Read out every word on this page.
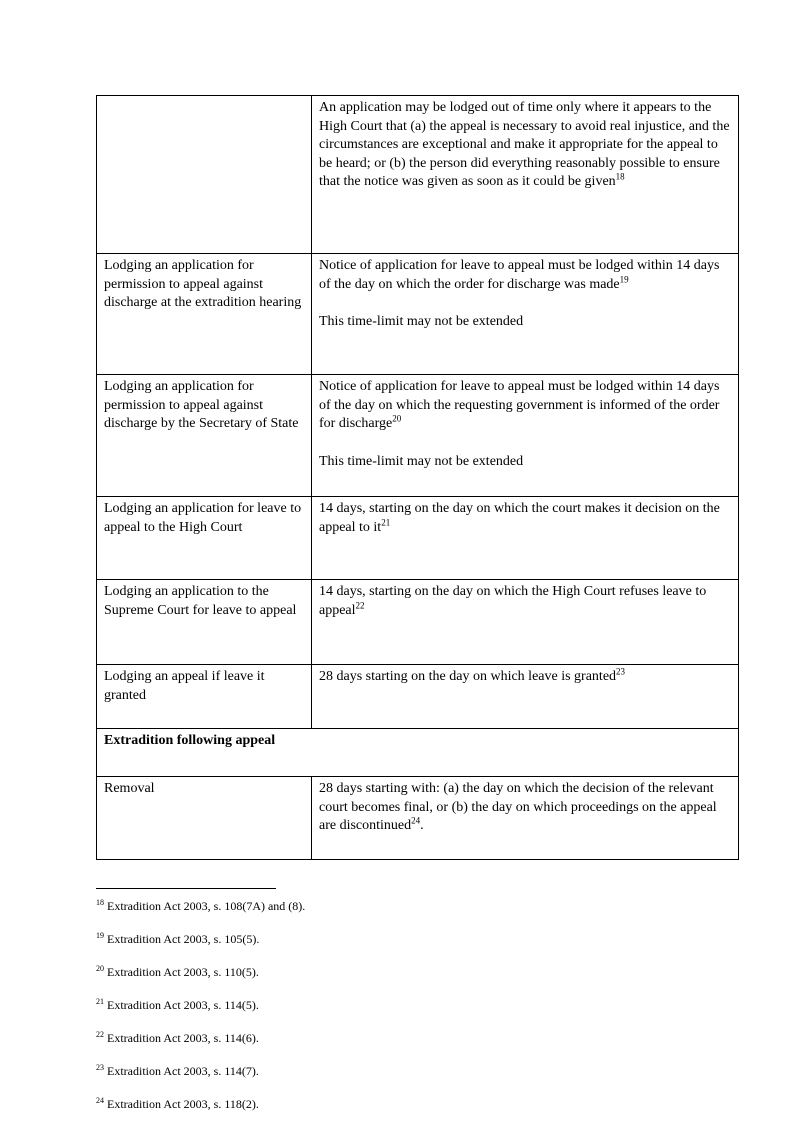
	An application may be lodged out of time only where it appears to the High Court that (a) the appeal is necessary to avoid real injustice, and the circumstances are exceptional and make it appropriate for the appeal to be heard; or (b) the person did everything reasonably possible to ensure that the notice was given as soon as it could be given$^{18}$

Lodging an application for permission to appeal against discharge at the extradition hearing	Notice of application for leave to appeal must be lodged within 14 days of the day on which the order for discharge was made$^{19}$

This time-limit may not be extended

Lodging an application for permission to appeal against discharge by the Secretary of State	Notice of application for leave to appeal must be lodged within 14 days of the day on which the requesting government is informed of the order for discharge$^{20}$

This time-limit may not be extended

Lodging an application for leave to appeal to the High Court	14 days, starting on the day on which the court makes it decision on the appeal to it$^{21}$

Lodging an application to the Supreme Court for leave to appeal	14 days, starting on the day on which the High Court refuses leave to appeal$^{22}$

Lodging an appeal if leave it granted	28 days starting on the day on which leave is granted$^{23}$

Extradition following appeal	

Removal	28 days starting with: (a) the day on which the decision of the relevant court becomes final, or (b) the day on which proceedings on the appeal are discontinued$^{24}$.

$^{18}$ Extradition Act 2003, s. 108(7A) and (8).

$^{19}$ Extradition Act 2003, s. 105(5).

$^{20}$ Extradition Act 2003, s. 110(5).

$^{21}$ Extradition Act 2003, s. 114(5).

$^{22}$ Extradition Act 2003, s. 114(6).

$^{23}$ Extradition Act 2003, s. 114(7).

$^{24}$ Extradition Act 2003, s. 118(2).
